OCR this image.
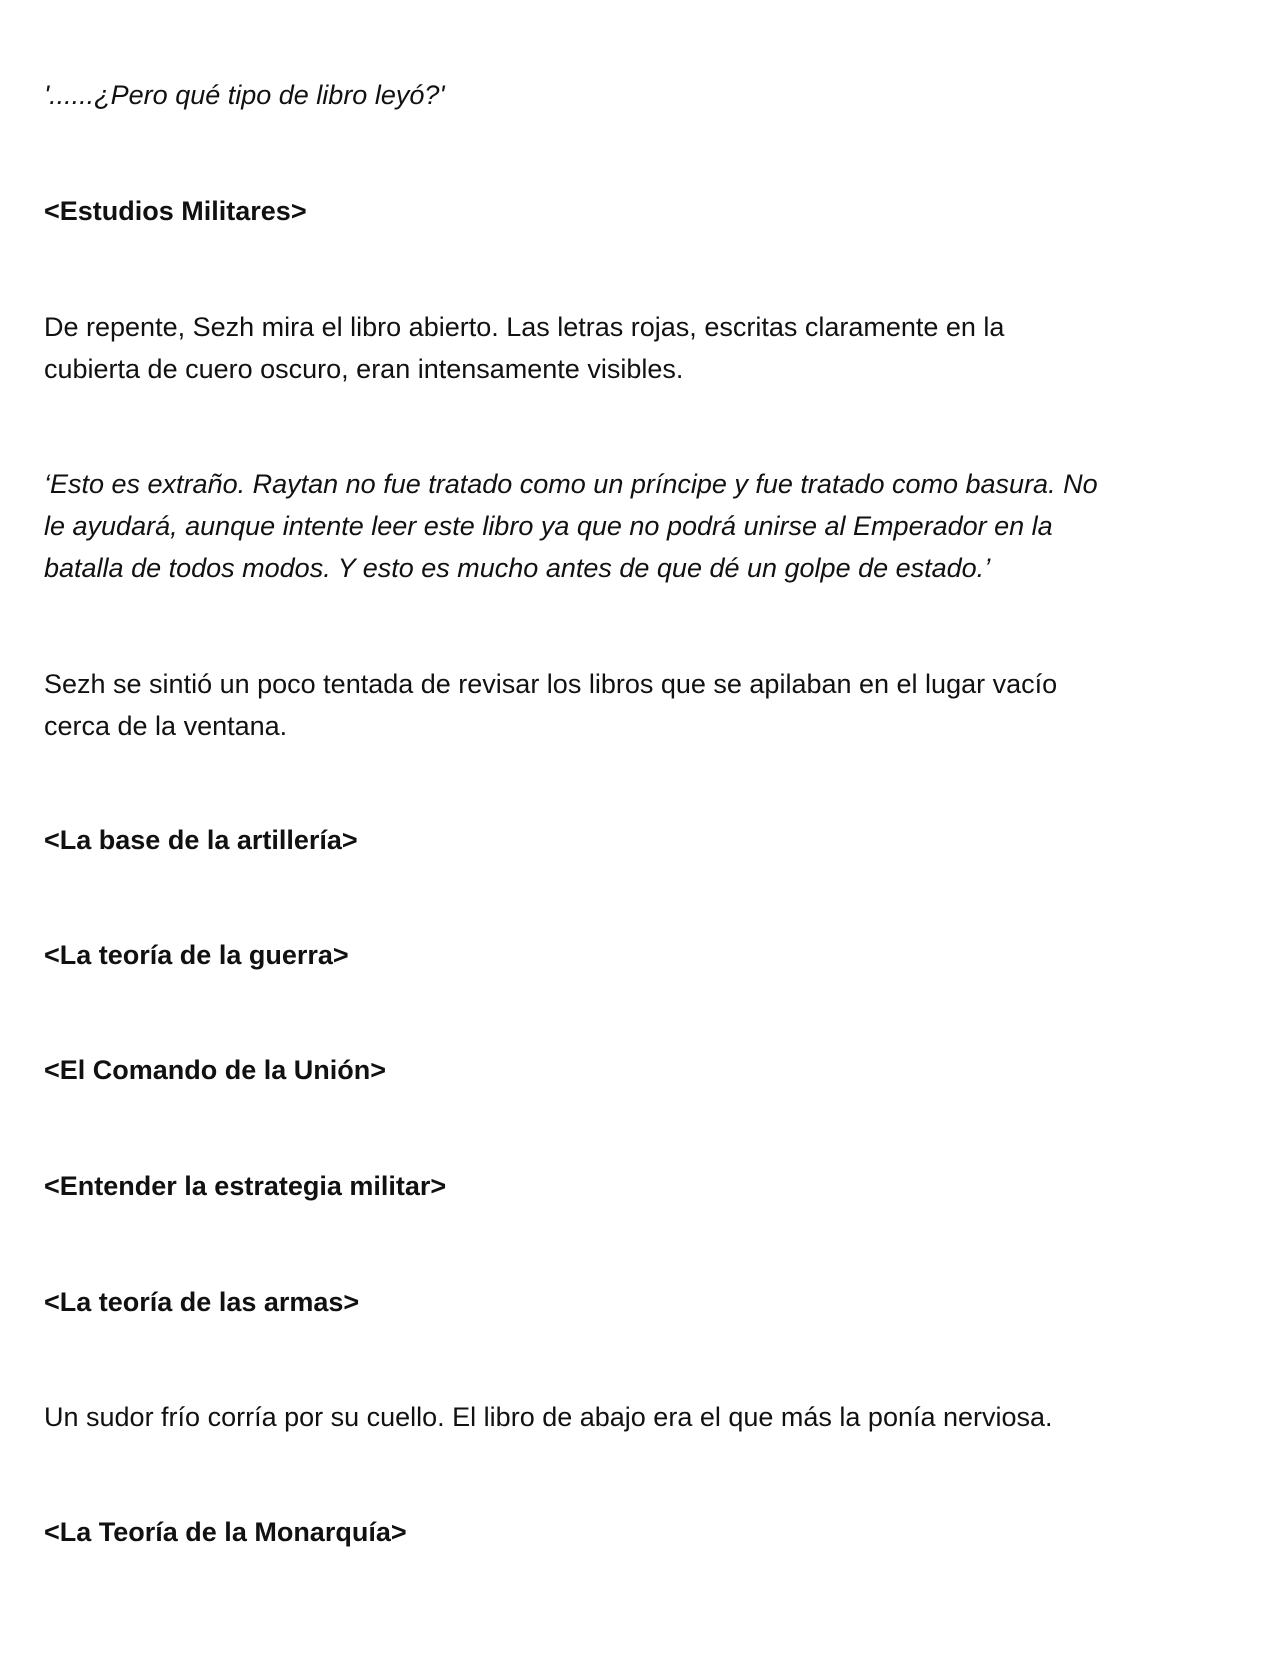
'......¿Pero qué tipo de libro leyó?'
<Estudios Militares>
De repente, Sezh mira el libro abierto. Las letras rojas, escritas claramente en la
cubierta de cuero oscuro, eran intensamente visibles.
‘Esto es extraño. Raytan no fue tratado como un príncipe y fue tratado como basura. No
le ayudará, aunque intente leer este libro ya que no podrá unirse al Emperador en la
batalla de todos modos. Y esto es mucho antes de que dé un golpe de estado.’
Sezh se sintió un poco tentada de revisar los libros que se apilaban en el lugar vacío
cerca de la ventana.
<La base de la artillería>
<La teoría de la guerra>
<El Comando de la Unión>
<Entender la estrategia militar>
<La teoría de las armas>
Un sudor frío corría por su cuello. El libro de abajo era el que más la ponía nerviosa.
<La Teoría de la Monarquía>
